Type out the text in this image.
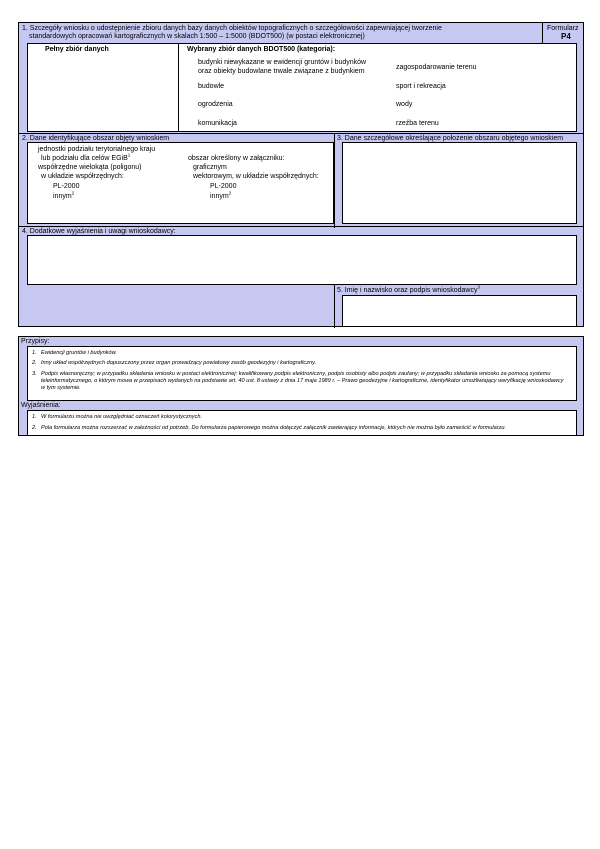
1. Szczegóły wniosku o udostępnienie zbioru danych bazy danych obiektów topograficznych o szczegółowości zapewniającej tworzenie
standardowych opracowań kartograficznych w skalach 1:500 – 1:5000 (BDOT500) (w postaci elektronicznej)
Formularz
P4
Pełny zbiór danych	Wybrany zbiór danych BDOT500 (kategoria):
budynki niewykazane w ewidencji gruntów i budynków
oraz obiekty budowlane trwale związane z budynkiem	zagospodarowanie terenu
budowle	sport i rekreacja
ogrodzenia	wody
komunikacja	rzeźba terenu
2. Dane identyfikujące obszar objęty wnioskiem	3. Dane szczegółowe określające położenie obszaru objętego wnioskiem
jednostki podziału terytorialnego kraju
lub podziału dla celów EGiB$^1$
współrzędne wielokąta (poligonu)
w układzie współrzędnych:
PL-2000
innym$^2$
obszar określony w załączniku:
graficznym
wektorowym, w układzie współrzędnych:
PL-2000
innym$^2$
4. Dodatkowe wyjaśnienia i uwagi wnioskodawcy:
5. Imię i nazwisko oraz podpis wnioskodawcy$^3$
Przypisy:
1. Ewidencji gruntów i budynków.
2. Inny układ współrzędnych dopuszczony przez organ prowadzący powiatowy zasób geodezyjny i kartograficzny.
3. Podpis własnoręczny; w przypadku składania wniosku w postaci elektronicznej: kwalifikowany podpis elektroniczny, podpis osobisty albo podpis zaufany; w przypadku składania wniosku za pomocą systemu
teleinformatycznego, o którym mowa w przepisach wydanych na podstawie art. 40 ust. 8 ustawy z dnia 17 maja 1989 r. – Prawo geodezyjne i kartograficzne, identyfikator umożliwiający weryfikację wnioskodawcy
w tym systemie.
Wyjaśnienia:
1. W formularzu można nie uwzględniać oznaczeń kolorystycznych.
2. Pola formularza można rozszerzać w zależności od potrzeb. Do formularza papierowego można dołączyć załącznik zawierający informacje, których nie można było zamieścić w formularzu.
